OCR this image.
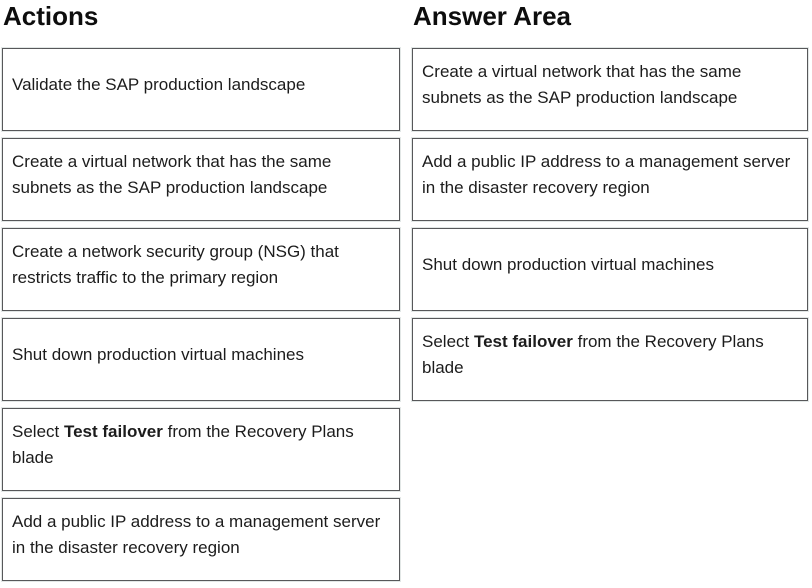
Actions
Validate the SAP production landscape
Create a virtual network that has the same subnets as the SAP production landscape
Create a network security group (NSG) that restricts traffic to the primary region
Shut down production virtual machines
Select Test failover from the Recovery Plans blade
Add a public IP address to a management server in the disaster recovery region
Answer Area
Create a virtual network that has the same subnets as the SAP production landscape
Add a public IP address to a management server in the disaster recovery region
Shut down production virtual machines
Select Test failover from the Recovery Plans blade
